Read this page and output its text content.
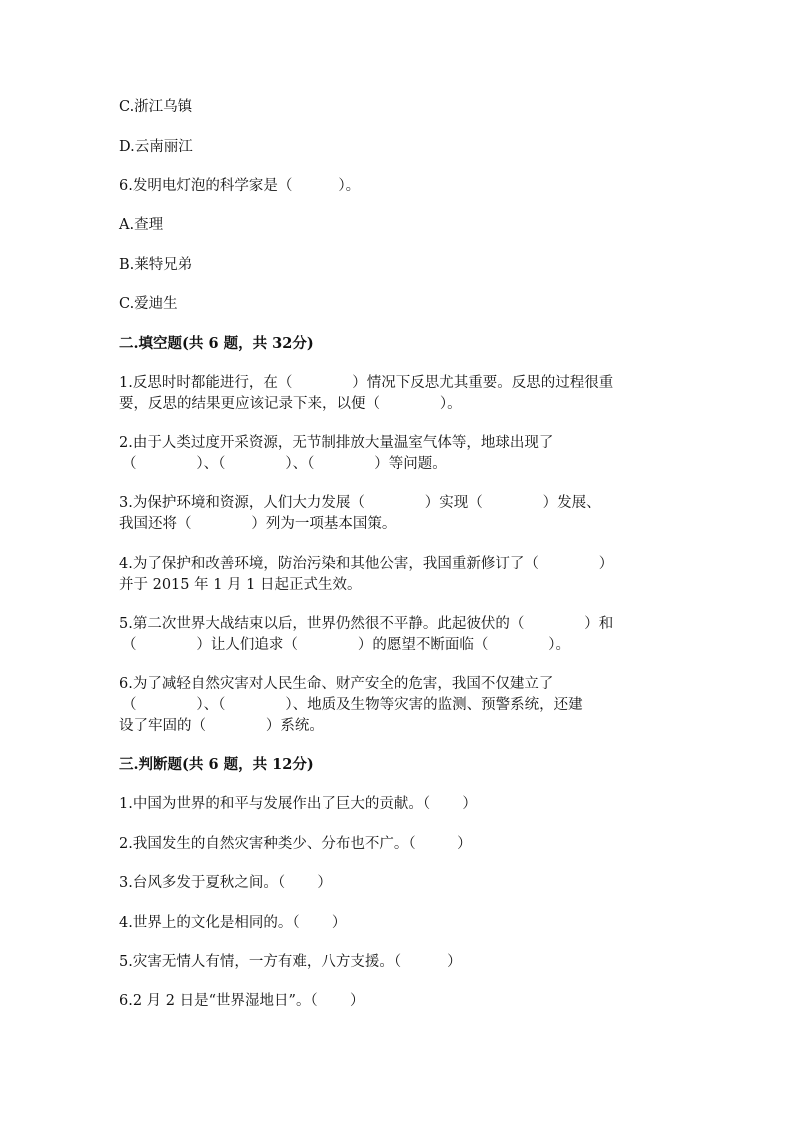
C.浙江乌镇
D.云南丽江
6.发明电灯泡的科学家是（          ）。
A.查理
B.莱特兄弟
C.爱迪生
二.填空题(共 6 题，共 32分)
1.反思时时都能进行，在（             ）情况下反思尤其重要。反思的过程很重
要，反思的结果更应该记录下来，以便（             ）。
2.由于人类过度开采资源，无节制排放大量温室气体等，地球出现了
（             ）、（             ）、（             ）等问题。
3.为保护环境和资源，人们大力发展（             ）实现（             ）发展、
我国还将（             ）列为一项基本国策。
4.为了保护和改善环境，防治污染和其他公害，我国重新修订了（             ）
并于 2015 年 1 月 1 日起正式生效。
5.第二次世界大战结束以后，世界仍然很不平静。此起彼伏的（             ）和
（             ）让人们追求（             ）的愿望不断面临（             ）。
6.为了减轻自然灾害对人民生命、财产安全的危害，我国不仅建立了
（             ）、（             ）、地质及生物等灾害的监测、预警系统，还建
设了牢固的（             ）系统。
三.判断题(共 6 题，共 12分)
1.中国为世界的和平与发展作出了巨大的贡献。（       ）
2.我国发生的自然灾害种类少、分布也不广。（         ）
3.台风多发于夏秋之间。（       ）
4.世界上的文化是相同的。（       ）
5.灾害无情人有情，一方有难，八方支援。（          ）
6.2 月 2 日是“世界湿地日”。（       ）
